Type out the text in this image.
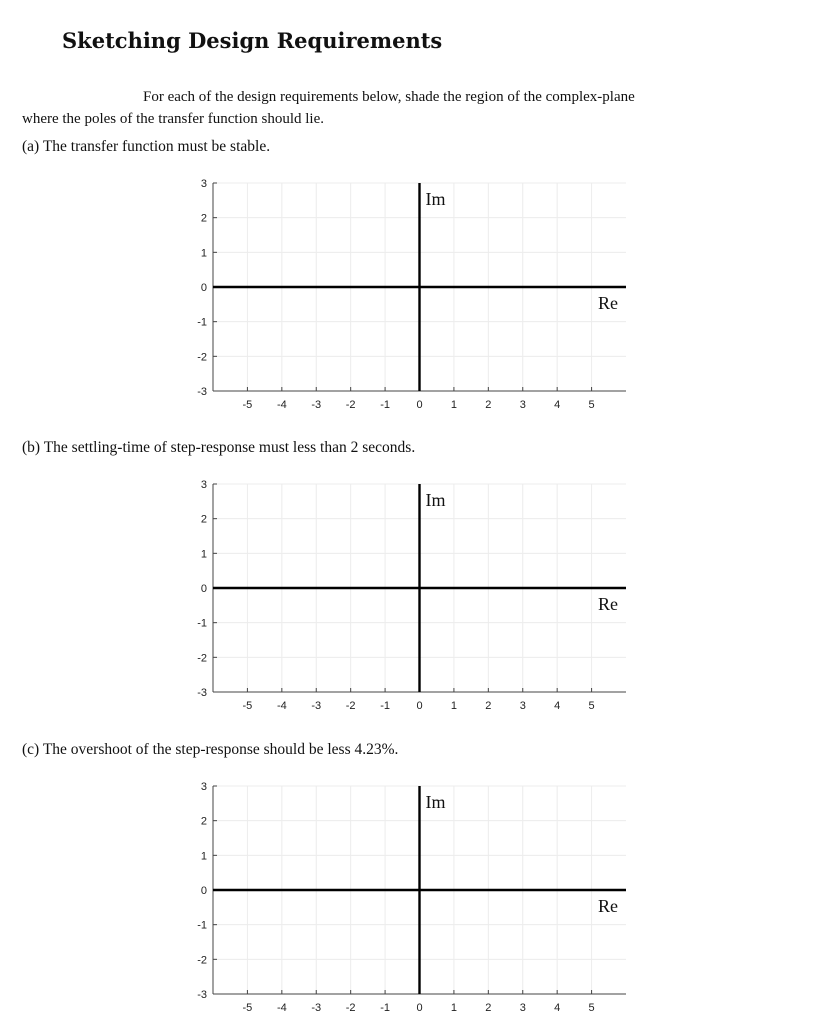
Sketching Design Requirements
For each of the design requirements below, shade the region of the complex-plane
where the poles of the transfer function should lie.
(a) The transfer function must be stable.
-5 -4 -3 -2 -1 0	1	2	3	4	5
-3
-2
-1
0
1
2
3
Im
Re
(b) The settling-time of step-response must less than 2 seconds.
-5 -4 -3 -2 -1 0	1	2	3	4	5
-3
-2
-1
0
1
2
3
Im
Re
(c) The overshoot of the step-response should be less 4.23%.
-5 -4 -3 -2 -1 0	1	2	3	4	5
-3
-2
-1
0
1
2
3
Im
Re
